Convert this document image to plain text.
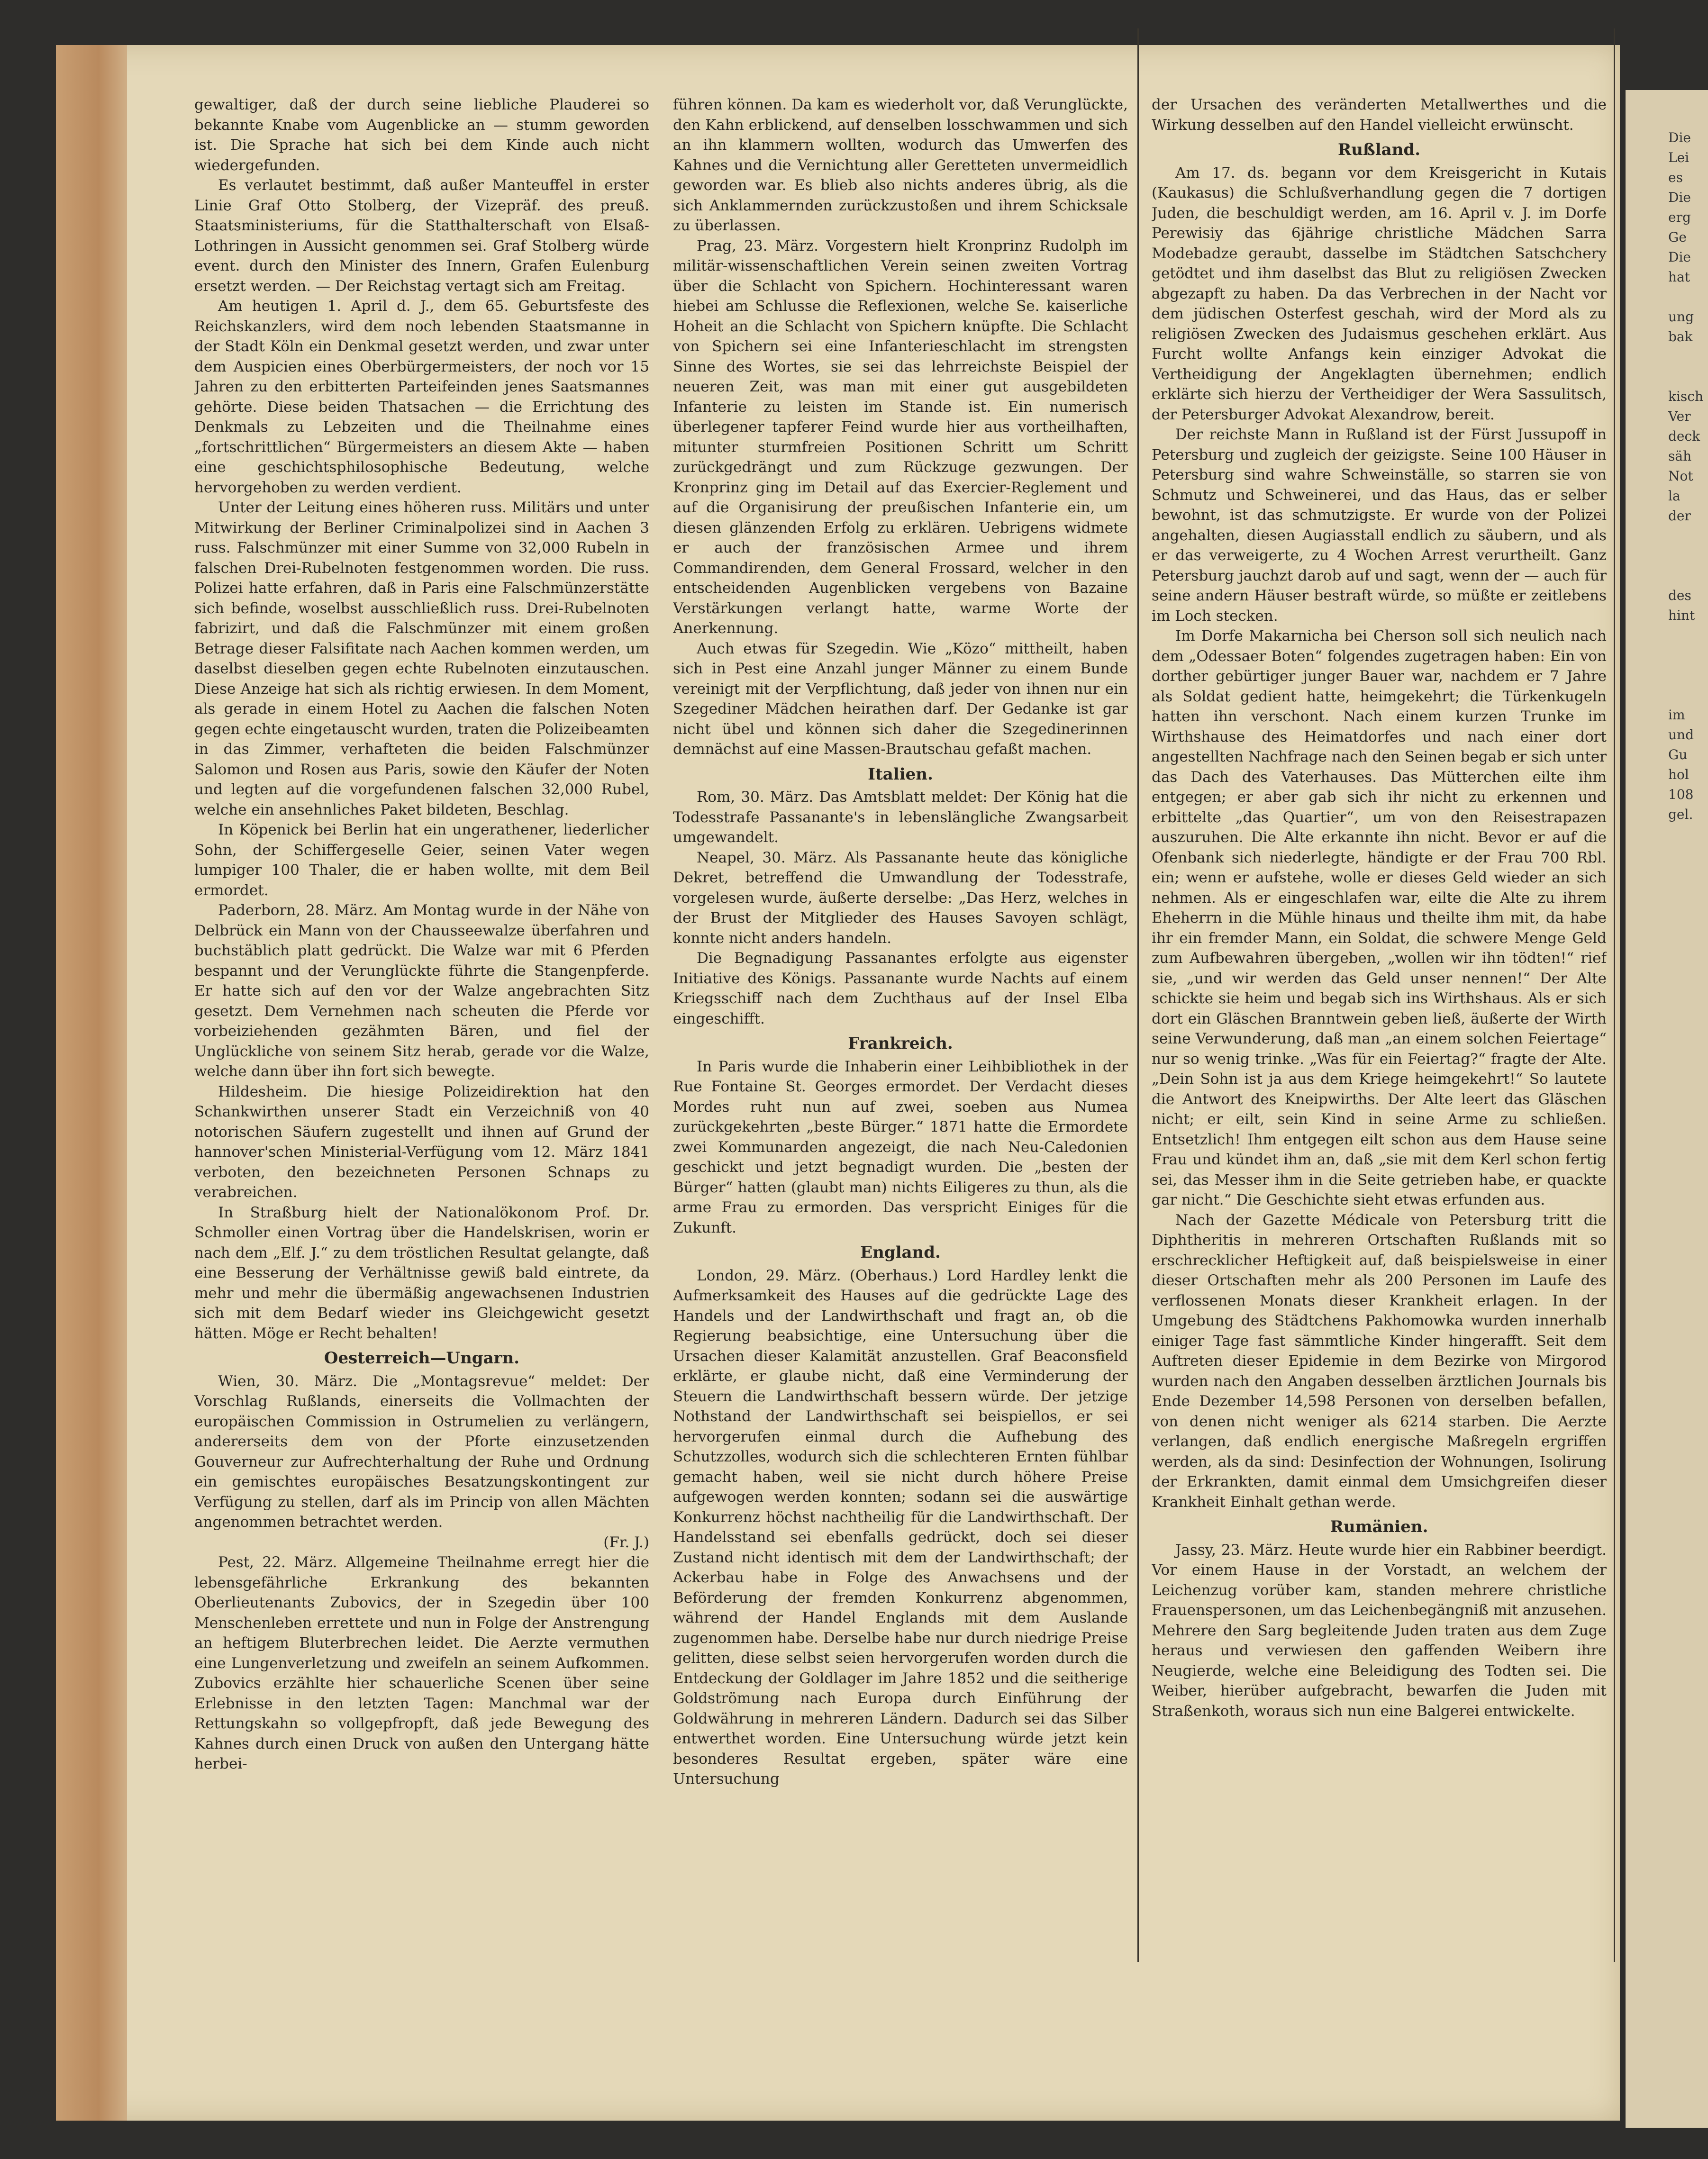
gewaltiger, daß der durch seine liebliche Plauderei so bekannte Knabe vom Augenblicke an — stumm geworden ist. Die Sprache hat sich bei dem Kinde auch nicht wiedergefunden.

Es verlautet bestimmt, daß außer Manteuffel in erster Linie Graf Otto Stolberg, der Vizepräf. des preuß. Staatsministeriums, für die Statthalterschaft von Elsaß-Lothringen in Aussicht genommen sei. Graf Stolberg würde event. durch den Minister des Innern, Grafen Eulenburg ersetzt werden. — Der Reichstag vertagt sich am Freitag.

Am heutigen 1. April d. J., dem 65. Geburtsfeste des Reichskanzlers, wird dem noch lebenden Staatsmanne in der Stadt Köln ein Denkmal gesetzt werden, und zwar unter dem Auspicien eines Oberbürgermeisters, der noch vor 15 Jahren zu den erbitterten Parteifeinden jenes Saatsmannes gehörte. Diese beiden Thatsachen — die Errichtung des Denkmals zu Lebzeiten und die Theilnahme eines „fortschrittlichen“ Bürgermeisters an diesem Akte — haben eine geschichtsphilosophische Bedeutung, welche hervorgehoben zu werden verdient.

Unter der Leitung eines höheren russ. Militärs und unter Mitwirkung der Berliner Criminalpolizei sind in Aachen 3 russ. Falschmünzer mit einer Summe von 32,000 Rubeln in falschen Drei-Rubelnoten festgenommen worden. Die russ. Polizei hatte erfahren, daß in Paris eine Falschmünzerstätte sich befinde, woselbst ausschließlich russ. Drei-Rubelnoten fabrizirt, und daß die Falschmünzer mit einem großen Betrage dieser Falsifitate nach Aachen kommen werden, um daselbst dieselben gegen echte Rubelnoten einzutauschen. Diese Anzeige hat sich als richtig erwiesen. In dem Moment, als gerade in einem Hotel zu Aachen die falschen Noten gegen echte eingetauscht wurden, traten die Polizeibeamten in das Zimmer, verhafteten die beiden Falschmünzer Salomon und Rosen aus Paris, sowie den Käufer der Noten und legten auf die vorgefundenen falschen 32,000 Rubel, welche ein ansehnliches Paket bildeten, Beschlag.

In Köpenick bei Berlin hat ein ungerathener, liederlicher Sohn, der Schiffergeselle Geier, seinen Vater wegen lumpiger 100 Thaler, die er haben wollte, mit dem Beil ermordet.

Paderborn, 28. März. Am Montag wurde in der Nähe von Delbrück ein Mann von der Chausseewalze überfahren und buchstäblich platt gedrückt. Die Walze war mit 6 Pferden bespannt und der Verunglückte führte die Stangenpferde. Er hatte sich auf den vor der Walze angebrachten Sitz gesetzt. Dem Vernehmen nach scheuten die Pferde vor vorbeiziehenden gezähmten Bären, und fiel der Unglückliche von seinem Sitz herab, gerade vor die Walze, welche dann über ihn fort sich bewegte.

Hildesheim. Die hiesige Polizeidirektion hat den Schankwirthen unserer Stadt ein Verzeichniß von 40 notorischen Säufern zugestellt und ihnen auf Grund der hannover'schen Ministerial-Verfügung vom 12. März 1841 verboten, den bezeichneten Personen Schnaps zu verabreichen.

In Straßburg hielt der Nationalökonom Prof. Dr. Schmoller einen Vortrag über die Handelskrisen, worin er nach dem „Elf. J.“ zu dem tröstlichen Resultat gelangte, daß eine Besserung der Verhältnisse gewiß bald eintrete, da mehr und mehr die übermäßig angewachsenen Industrien sich mit dem Bedarf wieder ins Gleichgewicht gesetzt hätten. Möge er Recht behalten!

Oesterreich—Ungarn.

Wien, 30. März. Die „Montagsrevue“ meldet: Der Vorschlag Rußlands, einerseits die Vollmachten der europäischen Commission in Ostrumelien zu verlängern, andererseits dem von der Pforte einzusetzenden Gouverneur zur Aufrechterhaltung der Ruhe und Ordnung ein gemischtes europäisches Besatzungskontingent zur Verfügung zu stellen, darf als im Princip von allen Mächten angenommen betrachtet werden.
(Fr. J.)

Pest, 22. März. Allgemeine Theilnahme erregt hier die lebensgefährliche Erkrankung des bekannten Oberlieutenants Zubovics, der in Szegedin über 100 Menschenleben errettete und nun in Folge der Anstrengung an heftigem Bluterbrechen leidet. Die Aerzte vermuthen eine Lungenverletzung und zweifeln an seinem Aufkommen. Zubovics erzählte hier schauerliche Scenen über seine Erlebnisse in den letzten Tagen: Manchmal war der Rettungskahn so vollgepfropft, daß jede Bewegung des Kahnes durch einen Druck von außen den Untergang hätte herbei-

führen können. Da kam es wiederholt vor, daß Verunglückte, den Kahn erblickend, auf denselben losschwammen und sich an ihn klammern wollten, wodurch das Umwerfen des Kahnes und die Vernichtung aller Geretteten unvermeidlich geworden war. Es blieb also nichts anderes übrig, als die sich Anklammernden zurückzustoßen und ihrem Schicksale zu überlassen.

Prag, 23. März. Vorgestern hielt Kronprinz Rudolph im militär-wissenschaftlichen Verein seinen zweiten Vortrag über die Schlacht von Spichern. Hochinteressant waren hiebei am Schlusse die Reflexionen, welche Se. kaiserliche Hoheit an die Schlacht von Spichern knüpfte. Die Schlacht von Spichern sei eine Infanterieschlacht im strengsten Sinne des Wortes, sie sei das lehrreichste Beispiel der neueren Zeit, was man mit einer gut ausgebildeten Infanterie zu leisten im Stande ist. Ein numerisch überlegener tapferer Feind wurde hier aus vortheilhaften, mitunter sturmfreien Positionen Schritt um Schritt zurückgedrängt und zum Rückzuge gezwungen. Der Kronprinz ging im Detail auf das Exercier-Reglement und auf die Organisirung der preußischen Infanterie ein, um diesen glänzenden Erfolg zu erklären. Uebrigens widmete er auch der französischen Armee und ihrem Commandirenden, dem General Frossard, welcher in den entscheidenden Augenblicken vergebens von Bazaine Verstärkungen verlangt hatte, warme Worte der Anerkennung.

Auch etwas für Szegedin. Wie „Közo“ mittheilt, haben sich in Pest eine Anzahl junger Männer zu einem Bunde vereinigt mit der Verpflichtung, daß jeder von ihnen nur ein Szegediner Mädchen heirathen darf. Der Gedanke ist gar nicht übel und können sich daher die Szegedinerinnen demnächst auf eine Massen-Brautschau gefaßt machen.

Italien.

Rom, 30. März. Das Amtsblatt meldet: Der König hat die Todesstrafe Passanante's in lebenslängliche Zwangsarbeit umgewandelt.

Neapel, 30. März. Als Passanante heute das königliche Dekret, betreffend die Umwandlung der Todesstrafe, vorgelesen wurde, äußerte derselbe: „Das Herz, welches in der Brust der Mitglieder des Hauses Savoyen schlägt, konnte nicht anders handeln.

Die Begnadigung Passanantes erfolgte aus eigenster Initiative des Königs. Passanante wurde Nachts auf einem Kriegsschiff nach dem Zuchthaus auf der Insel Elba eingeschifft.

Frankreich.

In Paris wurde die Inhaberin einer Leihbibliothek in der Rue Fontaine St. Georges ermordet. Der Verdacht dieses Mordes ruht nun auf zwei, soeben aus Numea zurückgekehrten „beste Bürger.“ 1871 hatte die Ermordete zwei Kommunarden angezeigt, die nach Neu-Caledonien geschickt und jetzt begnadigt wurden. Die „besten der Bürger“ hatten (glaubt man) nichts Eiligeres zu thun, als die arme Frau zu ermorden. Das verspricht Einiges für die Zukunft.

England.

London, 29. März. (Oberhaus.) Lord Hardley lenkt die Aufmerksamkeit des Hauses auf die gedrückte Lage des Handels und der Landwirthschaft und fragt an, ob die Regierung beabsichtige, eine Untersuchung über die Ursachen dieser Kalamität anzustellen. Graf Beaconsfield erklärte, er glaube nicht, daß eine Verminderung der Steuern die Landwirthschaft bessern würde. Der jetzige Nothstand der Landwirthschaft sei beispiellos, er sei hervorgerufen einmal durch die Aufhebung des Schutzzolles, wodurch sich die schlechteren Ernten fühlbar gemacht haben, weil sie nicht durch höhere Preise aufgewogen werden konnten; sodann sei die auswärtige Konkurrenz höchst nachtheilig für die Landwirthschaft. Der Handelsstand sei ebenfalls gedrückt, doch sei dieser Zustand nicht identisch mit dem der Landwirthschaft; der Ackerbau habe in Folge des Anwachsens und der Beförderung der fremden Konkurrenz abgenommen, während der Handel Englands mit dem Auslande zugenommen habe. Derselbe habe nur durch niedrige Preise gelitten, diese selbst seien hervorgerufen worden durch die Entdeckung der Goldlager im Jahre 1852 und die seitherige Goldströmung nach Europa durch Einführung der Goldwährung in mehreren Ländern. Dadurch sei das Silber entwerthet worden. Eine Untersuchung würde jetzt kein besonderes Resultat ergeben, später wäre eine Untersuchung

der Ursachen des veränderten Metallwerthes und die Wirkung desselben auf den Handel vielleicht erwünscht.

Rußland.

Am 17. ds. begann vor dem Kreisgericht in Kutais (Kaukasus) die Schlußverhandlung gegen die 7 dortigen Juden, die beschuldigt werden, am 16. April v. J. im Dorfe Perewisiy das 6jährige christliche Mädchen Sarra Modebadze geraubt, dasselbe im Städtchen Satschchery getödtet und ihm daselbst das Blut zu religiösen Zwecken abgezapft zu haben. Da das Verbrechen in der Nacht vor dem jüdischen Osterfest geschah, wird der Mord als zu religiösen Zwecken des Judaismus geschehen erklärt. Aus Furcht wollte Anfangs kein einziger Advokat die Vertheidigung der Angeklagten übernehmen; endlich erklärte sich hierzu der Vertheidiger der Wera Sassulitsch, der Petersburger Advokat Alexandrow, bereit.

Der reichste Mann in Rußland ist der Fürst Jussupoff in Petersburg und zugleich der geizigste. Seine 100 Häuser in Petersburg sind wahre Schweinställe, so starren sie von Schmutz und Schweinerei, und das Haus, das er selber bewohnt, ist das schmutzigste. Er wurde von der Polizei angehalten, diesen Augiasstall endlich zu säubern, und als er das verweigerte, zu 4 Wochen Arrest verurtheilt. Ganz Petersburg jauchzt darob auf und sagt, wenn der — auch für seine andern Häuser bestraft würde, so müßte er zeitlebens im Loch stecken.

Im Dorfe Makarnicha bei Cherson soll sich neulich nach dem „Odessaer Boten“ folgendes zugetragen haben: Ein von dorther gebürtiger junger Bauer war, nachdem er 7 Jahre als Soldat gedient hatte, heimgekehrt; die Türkenkugeln hatten ihn verschont. Nach einem kurzen Trunke im Wirthshause des Heimatdorfes und nach einer dort angestellten Nachfrage nach den Seinen begab er sich unter das Dach des Vaterhauses. Das Mütterchen eilte ihm entgegen; er aber gab sich ihr nicht zu erkennen und erbittelte „das Quartier“, um von den Reisestrapazen auszuruhen. Die Alte erkannte ihn nicht. Bevor er auf die Ofenbank sich niederlegte, händigte er der Frau 700 Rbl. ein; wenn er aufstehe, wolle er dieses Geld wieder an sich nehmen. Als er eingeschlafen war, eilte die Alte zu ihrem Eheherrn in die Mühle hinaus und theilte ihm mit, da habe ihr ein fremder Mann, ein Soldat, die schwere Menge Geld zum Aufbewahren übergeben, „wollen wir ihn tödten!“ rief sie, „und wir werden das Geld unser nennen!“ Der Alte schickte sie heim und begab sich ins Wirthshaus. Als er sich dort ein Gläschen Branntwein geben ließ, äußerte der Wirth seine Verwunderung, daß man „an einem solchen Feiertage“ nur so wenig trinke. „Was für ein Feiertag?“ fragte der Alte. „Dein Sohn ist ja aus dem Kriege heimgekehrt!“ So lautete die Antwort des Kneipwirths. Der Alte leert das Gläschen nicht; er eilt, sein Kind in seine Arme zu schließen. Entsetzlich! Ihm entgegen eilt schon aus dem Hause seine Frau und kündet ihm an, daß „sie mit dem Kerl schon fertig sei, das Messer ihm in die Seite getrieben habe, er quackte gar nicht.“ Die Geschichte sieht etwas erfunden aus.

Nach der Gazette Médicale von Petersburg tritt die Diphtheritis in mehreren Ortschaften Rußlands mit so erschrecklicher Heftigkeit auf, daß beispielsweise in einer dieser Ortschaften mehr als 200 Personen im Laufe des verflossenen Monats dieser Krankheit erlagen. In der Umgebung des Städtchens Pakhomowka wurden innerhalb einiger Tage fast sämmtliche Kinder hingerafft. Seit dem Auftreten dieser Epidemie in dem Bezirke von Mirgorod wurden nach den Angaben desselben ärztlichen Journals bis Ende Dezember 14,598 Personen von derselben befallen, von denen nicht weniger als 6214 starben. Die Aerzte verlangen, daß endlich energische Maßregeln ergriffen werden, als da sind: Desinfection der Wohnungen, Isolirung der Erkrankten, damit einmal dem Umsichgreifen dieser Krankheit Einhalt gethan werde.

Rumänien.

Jassy, 23. März. Heute wurde hier ein Rabbiner beerdigt. Vor einem Hause in der Vorstadt, an welchem der Leichenzug vorüber kam, standen mehrere christliche Frauenspersonen, um das Leichenbegängniß mit anzusehen. Mehrere den Sarg begleitende Juden traten aus dem Zuge heraus und verwiesen den gaffenden Weibern ihre Neugierde, welche eine Beleidigung des Todten sei. Die Weiber, hierüber aufgebracht, bewarfen die Juden mit Straßenkoth, woraus sich nun eine Balgerei entwickelte.

Die
Lei
es
Die
erg
Ge
Die
hat
ung
bak
kisch
Ver
deck
säh
Not
la
der
des
hint
im
und
Gu
hol
108
gel.
